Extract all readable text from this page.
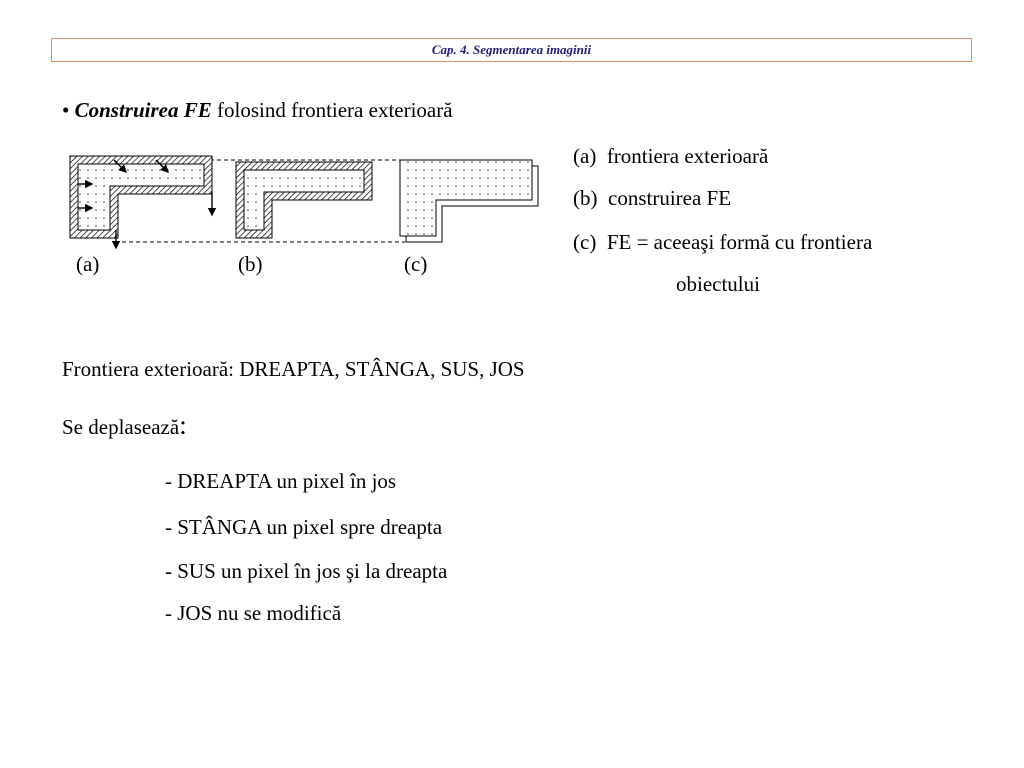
Cap. 4. Segmentarea imaginii
• Construirea FE folosind frontiera exterioară
(a)	(b)	(c)
(a) frontiera exterioară
(b) construirea FE
(c) FE = aceeaşi formă cu frontiera
obiectului
Frontiera exterioară: DREAPTA, STÂNGA, SUS, JOS
Se deplasează:
- DREAPTA un pixel în jos
- STÂNGA un pixel spre dreapta
- SUS un pixel în jos şi la dreapta
- JOS nu se modifică
